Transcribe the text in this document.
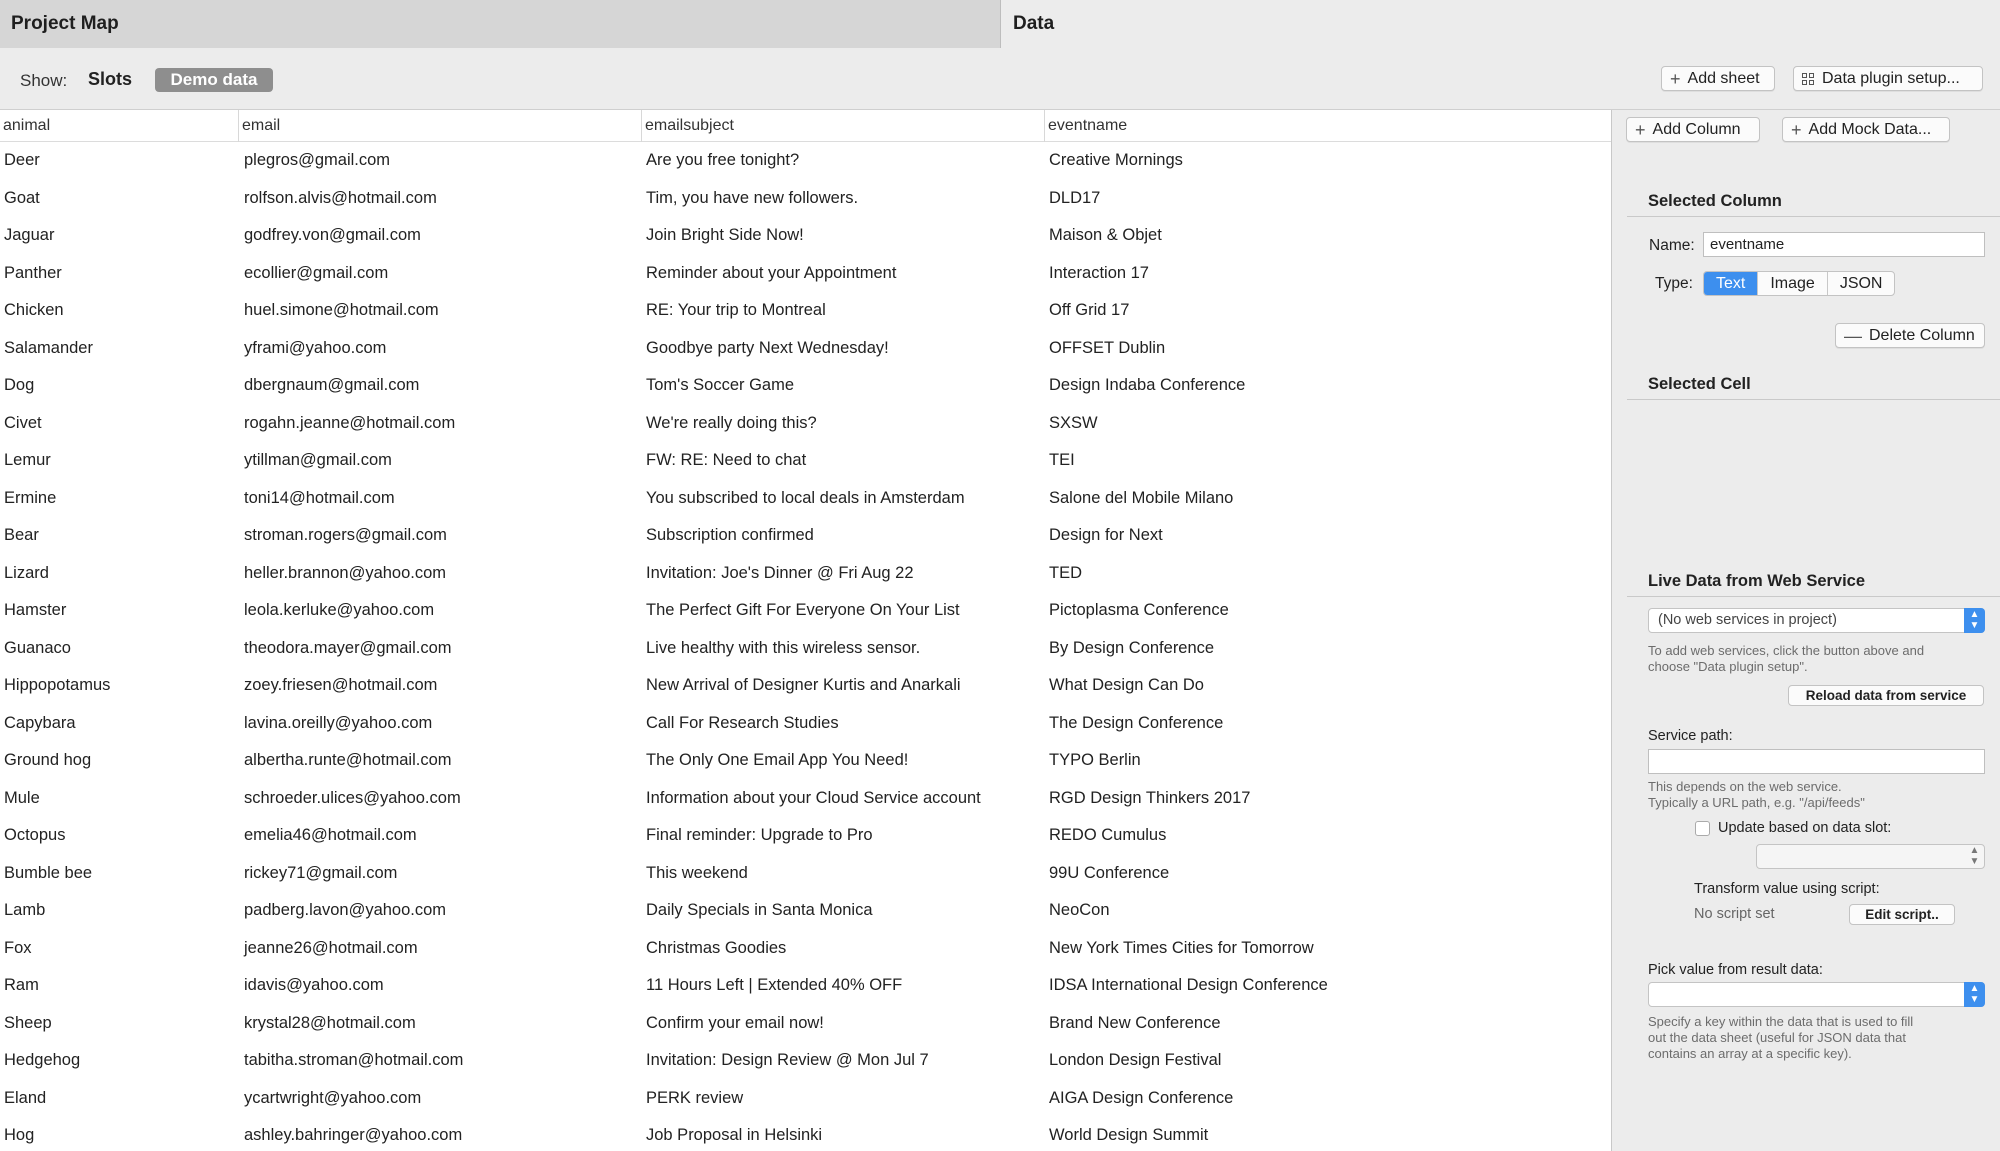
Project Map	Data
Show: Slots	Demo data	+ Add sheet	Data plugin setup...
animal	email	emailsubject	eventname
Deer	plegros@gmail.com	Are you free tonight?	Creative Mornings
Goat	rolfson.alvis@hotmail.com	Tim, you have new followers.	DLD17
Jaguar	godfrey.von@gmail.com	Join Bright Side Now!	Maison & Objet
Panther	ecollier@gmail.com	Reminder about your Appointment	Interaction 17
Chicken	huel.simone@hotmail.com	RE: Your trip to Montreal	Off Grid 17
Salamander	yframi@yahoo.com	Goodbye party Next Wednesday!	OFFSET Dublin
Dog	dbergnaum@gmail.com	Tom's Soccer Game	Design Indaba Conference
Civet	rogahn.jeanne@hotmail.com	We're really doing this?	SXSW
Lemur	ytillman@gmail.com	FW: RE: Need to chat	TEI
Ermine	toni14@hotmail.com	You subscribed to local deals in Amsterdam	Salone del Mobile Milano
Bear	stroman.rogers@gmail.com	Subscription confirmed	Design for Next
Lizard	heller.brannon@yahoo.com	Invitation: Joe's Dinner @ Fri Aug 22	TED
Hamster	leola.kerluke@yahoo.com	The Perfect Gift For Everyone On Your List	Pictoplasma Conference
Guanaco	theodora.mayer@gmail.com	Live healthy with this wireless sensor.	By Design Conference
Hippopotamus	zoey.friesen@hotmail.com	New Arrival of Designer Kurtis and Anarkali	What Design Can Do
Capybara	lavina.oreilly@yahoo.com	Call For Research Studies	The Design Conference
Ground hog	albertha.runte@hotmail.com	The Only One Email App You Need!	TYPO Berlin
Mule	schroeder.ulices@yahoo.com	Information about your Cloud Service account	RGD Design Thinkers 2017
Octopus	emelia46@hotmail.com	Final reminder: Upgrade to Pro	REDO Cumulus
Bumble bee	rickey71@gmail.com	This weekend	99U Conference
Lamb	padberg.lavon@yahoo.com	Daily Specials in Santa Monica	NeoCon
Fox	jeanne26@hotmail.com	Christmas Goodies	New York Times Cities for Tomorrow
Ram	idavis@yahoo.com	11 Hours Left | Extended 40% OFF	IDSA International Design Conference
Sheep	krystal28@hotmail.com	Confirm your email now!	Brand New Conference
Hedgehog	tabitha.stroman@hotmail.com	Invitation: Design Review @ Mon Jul 7	London Design Festival
Eland	ycartwright@yahoo.com	PERK review	AIGA Design Conference
Hog	ashley.bahringer@yahoo.com	Job Proposal in Helsinki	World Design Summit
+ Add Column	+ Add Mock Data...
Selected Column
Name:
eventname
Type:	Text	Image	JSON
— Delete Column
Selected Cell
Live Data from Web Service
(No web services in project)	▲
▼
To add web services, click the button above and
choose "Data plugin setup".
Reload data from service
Service path:
This depends on the web service.
Typically a URL path, e.g. "/api/feeds"
Update based on data slot:
▲
▼
Transform value using script:
No script set	Edit script..
Pick value from result data:
▲
▼
Specify a key within the data that is used to fill
out the data sheet (useful for JSON data that
contains an array at a specific key).
